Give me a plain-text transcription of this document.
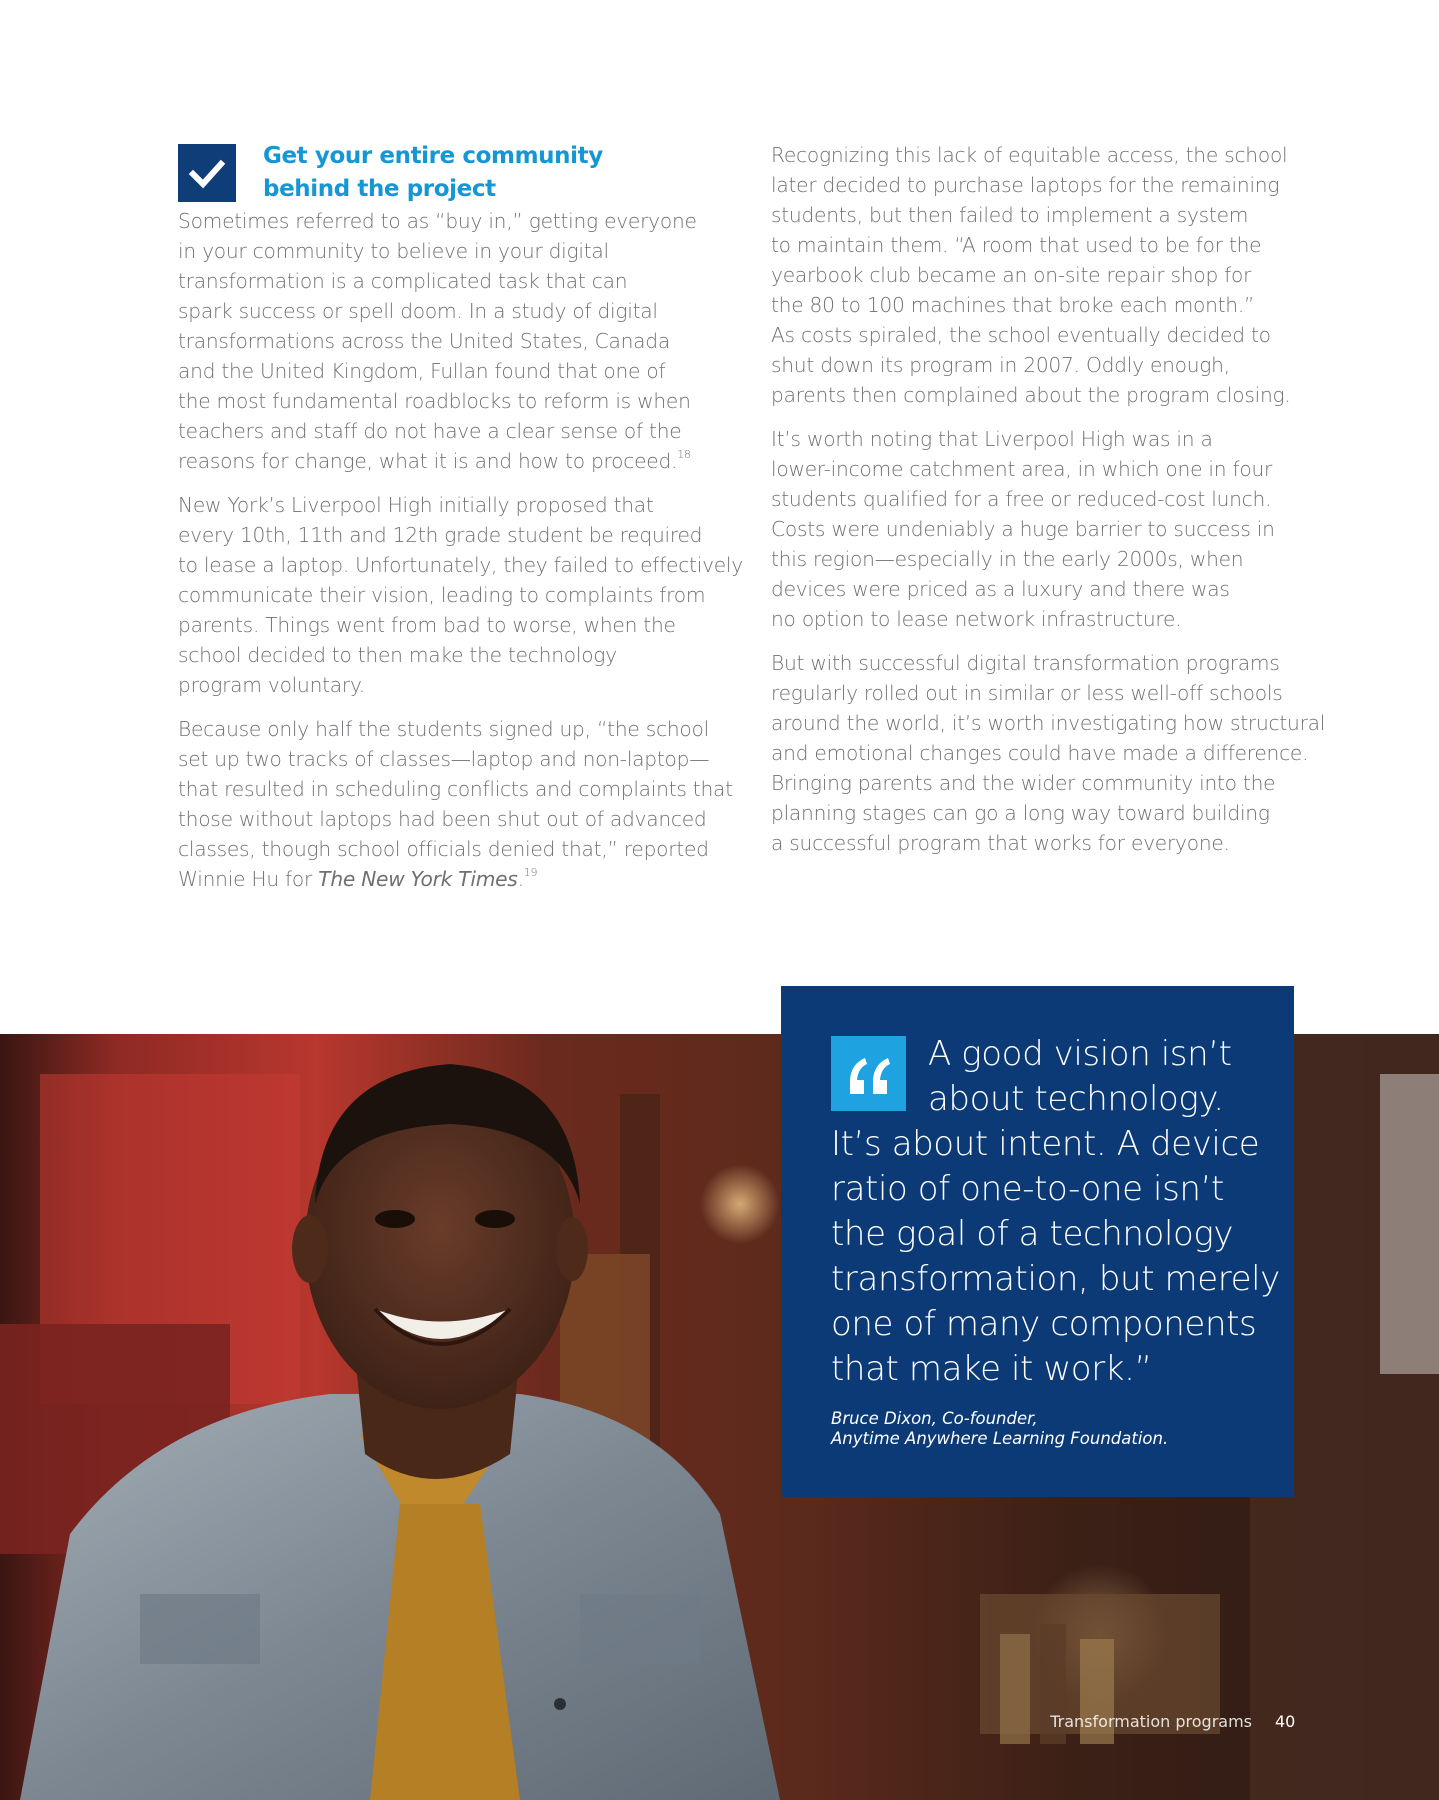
Get your entire community
behind the project

Sometimes referred to as “buy in,” getting everyone
in your community to believe in your digital
transformation is a complicated task that can
spark success or spell doom. In a study of digital
transformations across the United States, Canada
and the United Kingdom, Fullan found that one of
the most fundamental roadblocks to reform is when
teachers and staff do not have a clear sense of the
reasons for change, what it is and how to proceed.$^{18}$

New York’s Liverpool High initially proposed that
every 10th, 11th and 12th grade student be required
to lease a laptop. Unfortunately, they failed to effectively
communicate their vision, leading to complaints from
parents. Things went from bad to worse, when the
school decided to then make the technology
program voluntary.

Because only half the students signed up, “the school
set up two tracks of classes—laptop and non-laptop—
that resulted in scheduling conflicts and complaints that
those without laptops had been shut out of advanced
classes, though school officials denied that,” reported
Winnie Hu for The New York Times.$^{19}$

Recognizing this lack of equitable access, the school
later decided to purchase laptops for the remaining
students, but then failed to implement a system
to maintain them. “A room that used to be for the
yearbook club became an on-site repair shop for
the 80 to 100 machines that broke each month.”
As costs spiraled, the school eventually decided to
shut down its program in 2007. Oddly enough,
parents then complained about the program closing.

It’s worth noting that Liverpool High was in a
lower-income catchment area, in which one in four
students qualified for a free or reduced-cost lunch.
Costs were undeniably a huge barrier to success in
this region—especially in the early 2000s, when
devices were priced as a luxury and there was
no option to lease network infrastructure.

But with successful digital transformation programs
regularly rolled out in similar or less well-off schools
around the world, it’s worth investigating how structural
and emotional changes could have made a difference.
Bringing parents and the wider community into the
planning stages can go a long way toward building
a successful program that works for everyone.

A good vision isn’t
about technology.
It’s about intent. A device
ratio of one-to-one isn’t
the goal of a technology
transformation, but merely
one of many components
that make it work.”

Bruce Dixon, Co-founder,
Anytime Anywhere Learning Foundation.
Transformation programs 40
